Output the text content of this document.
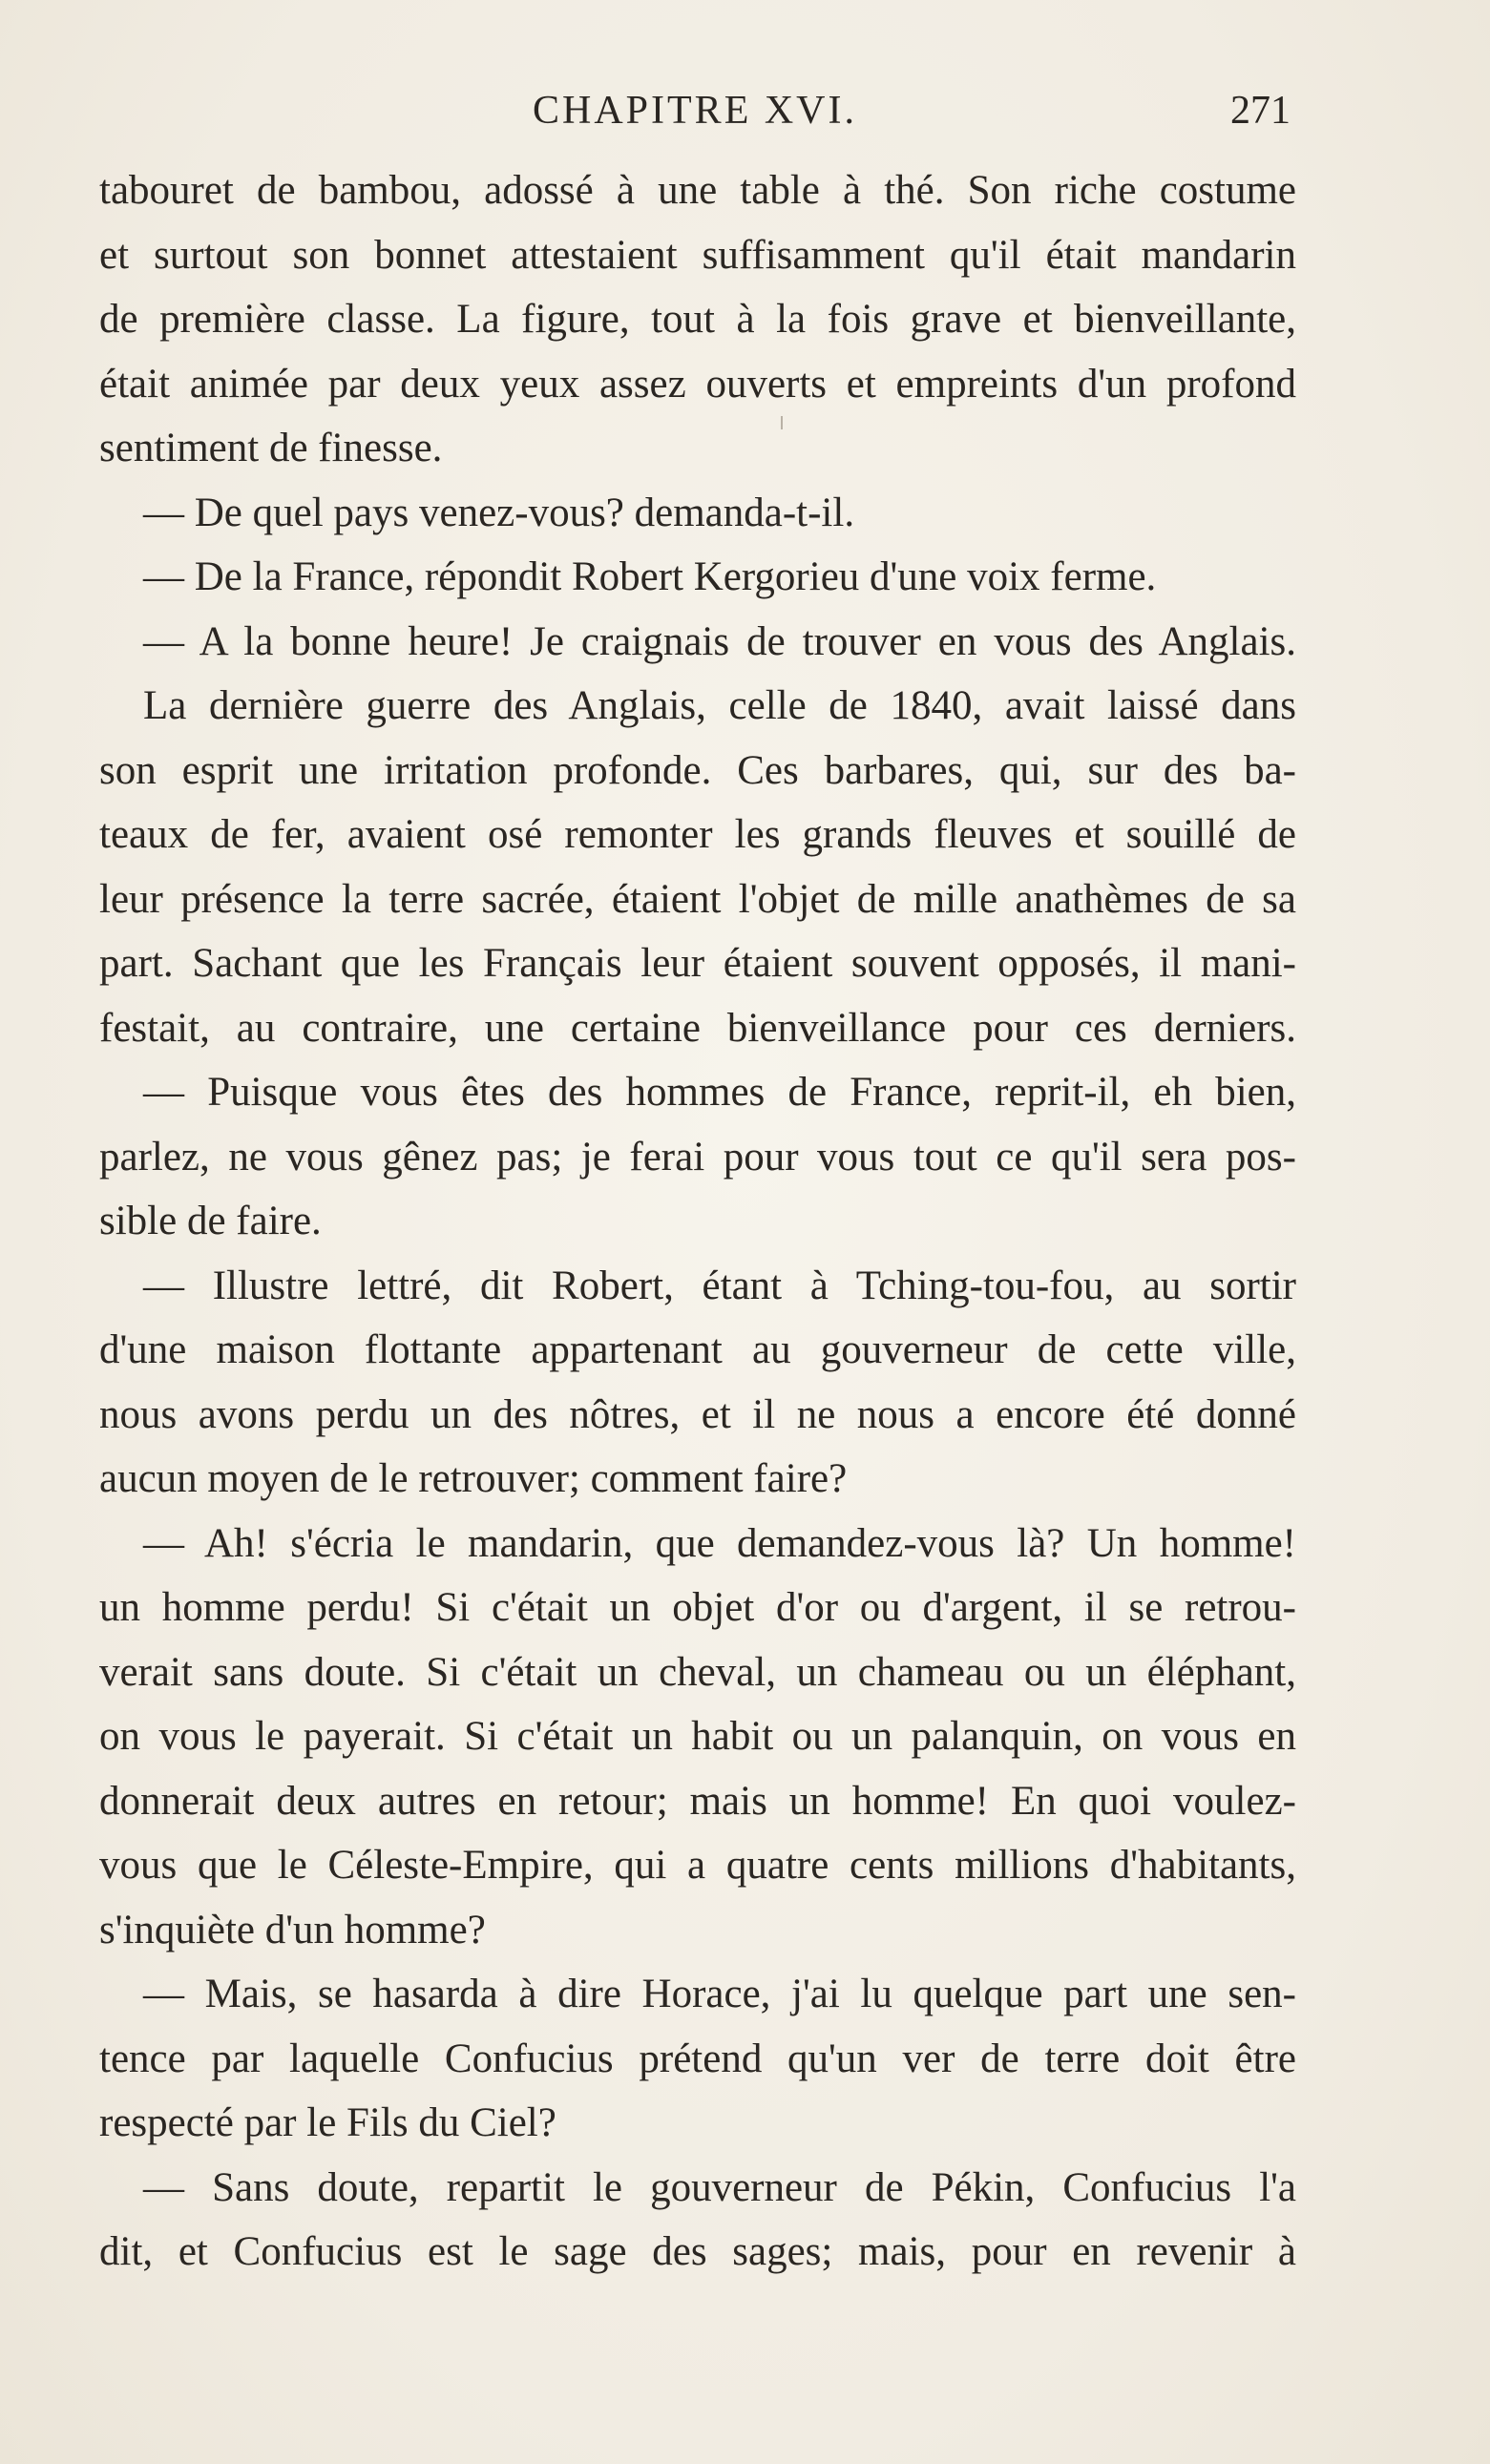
CHAPITRE XVI.	271
tabouret de bambou, adossé à une table à thé. Son riche costume
et surtout son bonnet attestaient suffisamment qu'il était mandarin
de première classe. La figure, tout à la fois grave et bienveillante,
était animée par deux yeux assez ouverts et empreints d'un profond
sentiment de finesse.
— De quel pays venez-vous? demanda-t-il.
— De la France, répondit Robert Kergorieu d'une voix ferme.
— A la bonne heure! Je craignais de trouver en vous des Anglais.
La dernière guerre des Anglais, celle de 1840, avait laissé dans
son esprit une irritation profonde. Ces barbares, qui, sur des ba-
teaux de fer, avaient osé remonter les grands fleuves et souillé de
leur présence la terre sacrée, étaient l'objet de mille anathèmes de sa
part. Sachant que les Français leur étaient souvent opposés, il mani-
festait, au contraire, une certaine bienveillance pour ces derniers.
— Puisque vous êtes des hommes de France, reprit-il, eh bien,
parlez, ne vous gênez pas; je ferai pour vous tout ce qu'il sera pos-
sible de faire.
— Illustre lettré, dit Robert, étant à Tching-tou-fou, au sortir
d'une maison flottante appartenant au gouverneur de cette ville,
nous avons perdu un des nôtres, et il ne nous a encore été donné
aucun moyen de le retrouver; comment faire?
— Ah! s'écria le mandarin, que demandez-vous là? Un homme!
un homme perdu! Si c'était un objet d'or ou d'argent, il se retrou-
verait sans doute. Si c'était un cheval, un chameau ou un éléphant,
on vous le payerait. Si c'était un habit ou un palanquin, on vous en
donnerait deux autres en retour; mais un homme! En quoi voulez-
vous que le Céleste-Empire, qui a quatre cents millions d'habitants,
s'inquiète d'un homme?
— Mais, se hasarda à dire Horace, j'ai lu quelque part une sen-
tence par laquelle Confucius prétend qu'un ver de terre doit être
respecté par le Fils du Ciel?
— Sans doute, repartit le gouverneur de Pékin, Confucius l'a
dit, et Confucius est le sage des sages; mais, pour en revenir à
